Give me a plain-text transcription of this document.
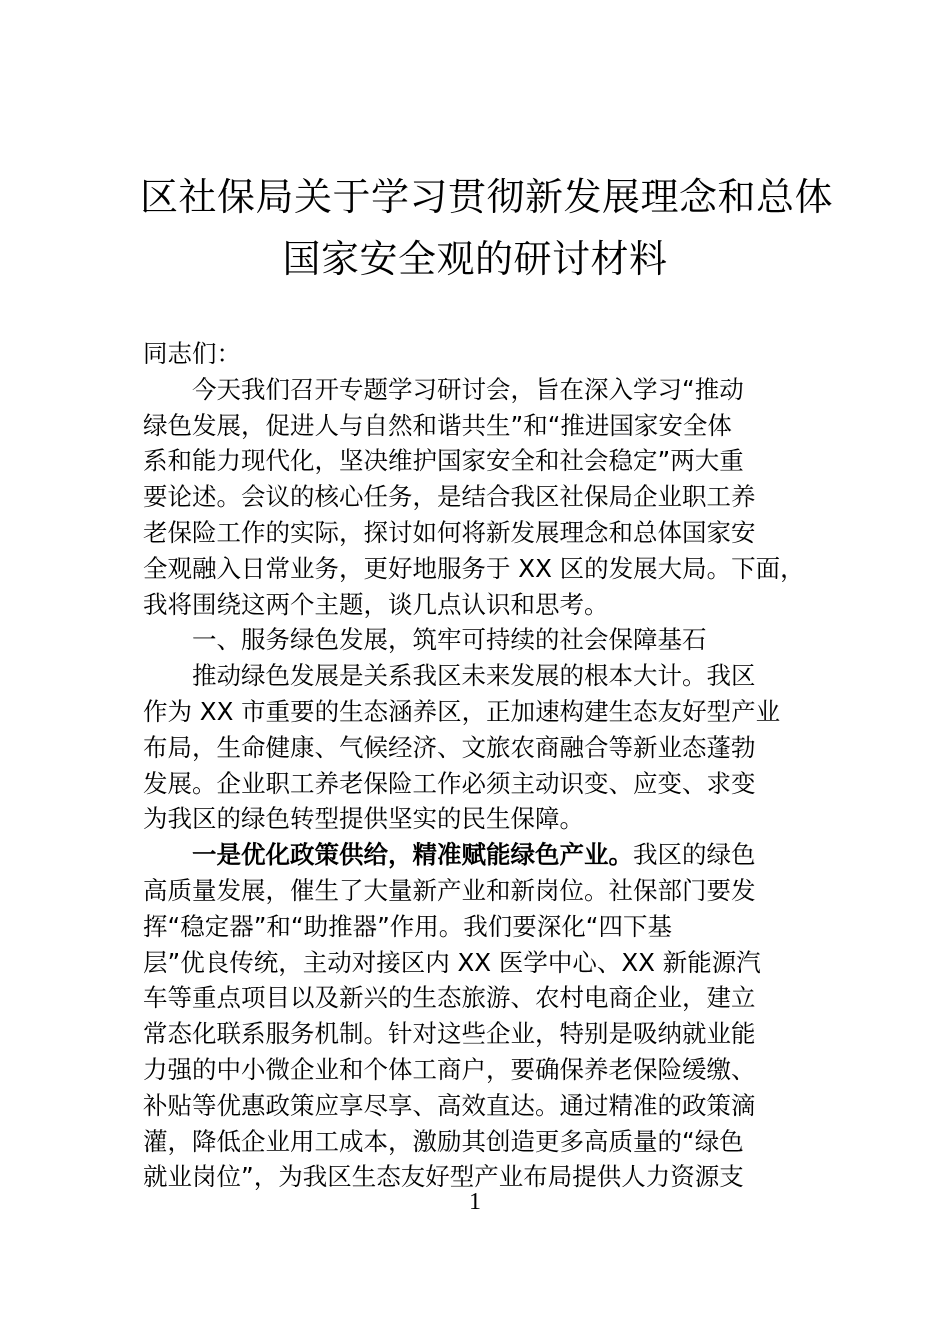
区社保局关于学习贯彻新发展理念和总体
国家安全观的研讨材料

同志们：

今天我们召开专题学习研讨会，旨在深入学习“推动
绿色发展，促进人与自然和谐共生”和“推进国家安全体
系和能力现代化，坚决维护国家安全和社会稳定”两大重
要论述。会议的核心任务，是结合我区社保局企业职工养
老保险工作的实际，探讨如何将新发展理念和总体国家安
全观融入日常业务，更好地服务于 XX 区的发展大局。下面，
我将围绕这两个主题，谈几点认识和思考。

一、服务绿色发展，筑牢可持续的社会保障基石

推动绿色发展是关系我区未来发展的根本大计。我区
作为 XX 市重要的生态涵养区，正加速构建生态友好型产业
布局，生命健康、气候经济、文旅农商融合等新业态蓬勃
发展。企业职工养老保险工作必须主动识变、应变、求变
为我区的绿色转型提供坚实的民生保障。

一是优化政策供给，精准赋能绿色产业。我区的绿色
高质量发展，催生了大量新产业和新岗位。社保部门要发
挥“稳定器”和“助推器”作用。我们要深化“四下基
层”优良传统，主动对接区内 XX 医学中心、XX 新能源汽
车等重点项目以及新兴的生态旅游、农村电商企业，建立
常态化联系服务机制。针对这些企业，特别是吸纳就业能
力强的中小微企业和个体工商户，要确保养老保险缓缴、
补贴等优惠政策应享尽享、高效直达。通过精准的政策滴
灌，降低企业用工成本，激励其创造更多高质量的“绿色
就业岗位”，为我区生态友好型产业布局提供人力资源支

1
